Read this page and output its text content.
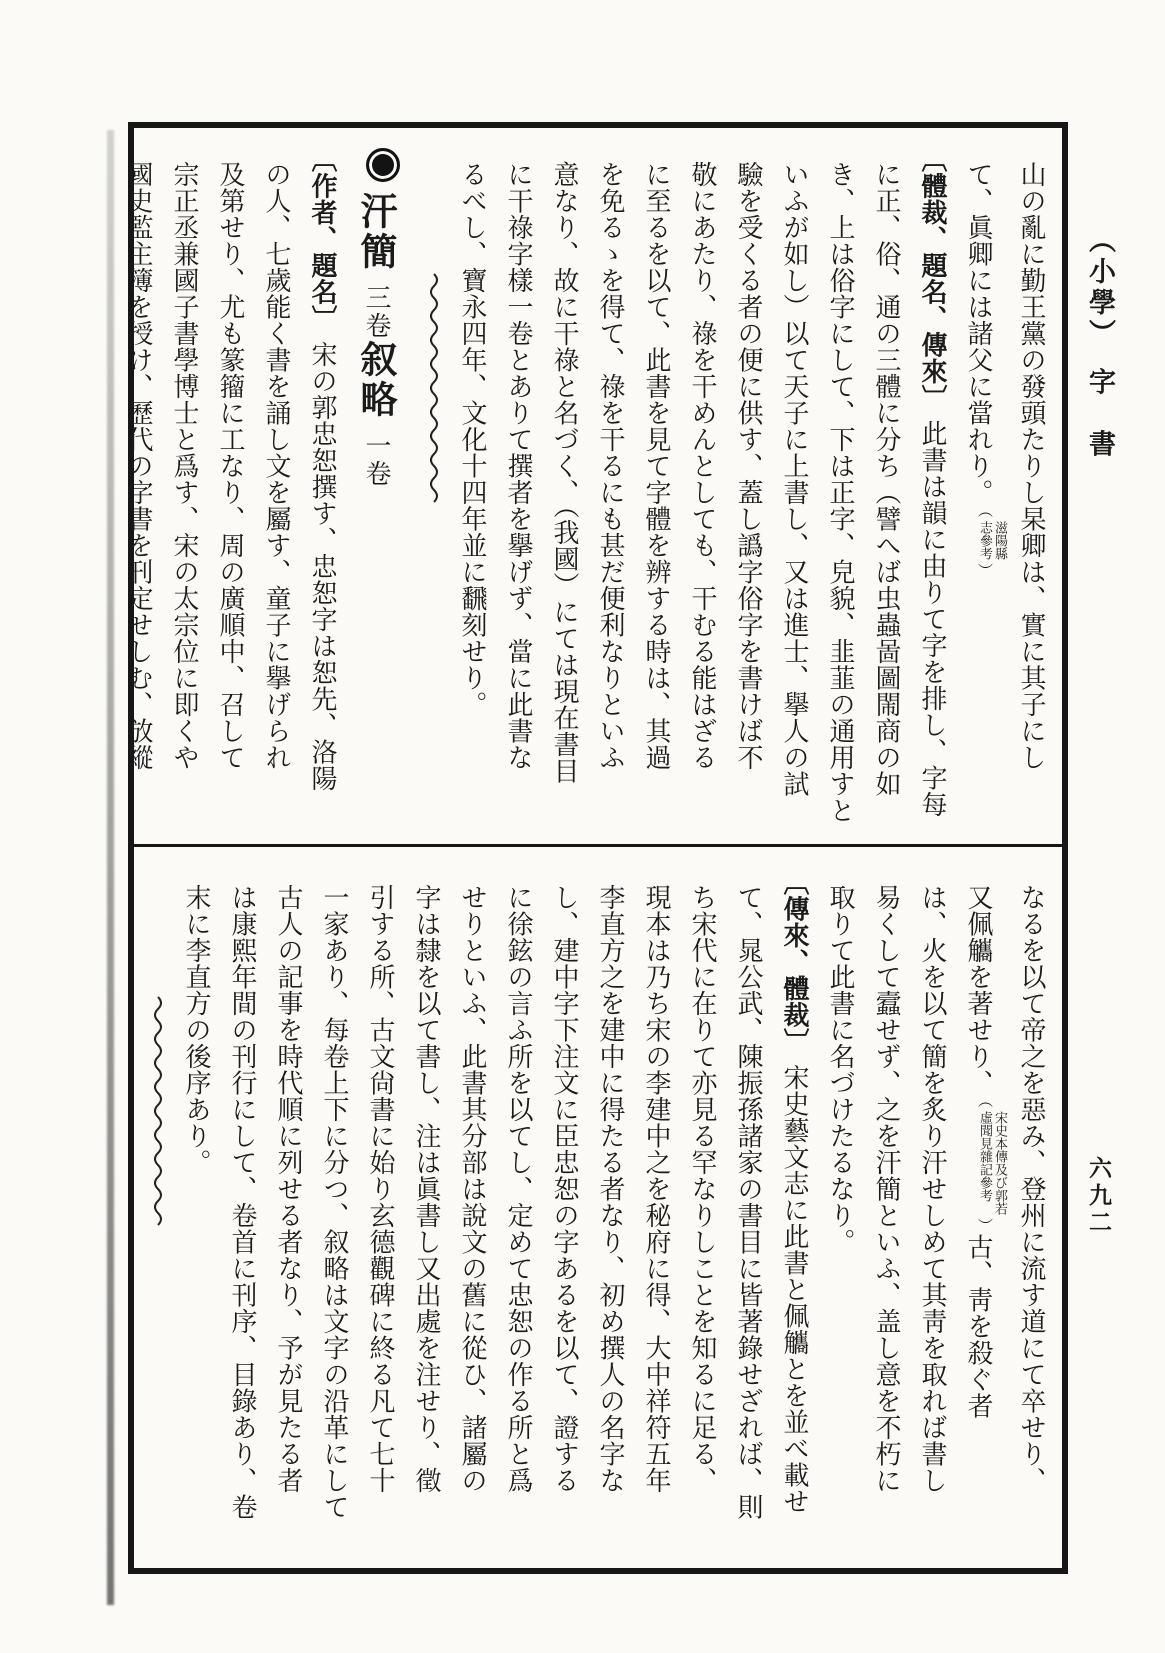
（小學）　字　書
六九二
山の亂に勤王黨の發頭たりし杲卿は、實に其子にし
て、眞卿には諸父に當れり。（
滋陽縣
志參考
）
〔體裁、題名、傳來〕此書は韻に由りて字を排し、字每
に正、俗、通の三體に分ち（譬へば虫蟲啚圖閙商の如
き、上は俗字にして、下は正字、皃貌、韭韮の通用すと
いふが如し）以て天子に上書し、又は進士、擧人の試
驗を受くる者の便に供す、蓋し譌字俗字を書けば不
敬にあたり、祿を干めんとしても、干むる能はざる
に至るを以て、此書を見て字體を辨する時は、其過
を免るゝを得て、祿を干るにも甚だ便利なりといふ
意なり、故に干祿と名づく、（我國）にては現在書目
に干祿字樣一卷とありて撰者を擧げず、當に此書な
るべし、寶永四年、文化十四年並に飜刻せり。
汗簡三卷叙略一卷
〔作者、題名〕宋の郭忠恕撰す、忠恕字は恕先、洛陽
の人、七歲能く書を誦し文を屬す、童子に擧げられ
及第せり、尤も篆籀に工なり、周の廣順中、召して
宗正丞兼國子書學博士と爲す、宋の太宗位に即くや
國史監主簿を授け、歷代の字書を刊定せしむ、放縱
なるを以て帝之を惡み、登州に流す道にて卒せり、
又佩觿を著せり、（
宋史本傳及び郭若
虛聞見雜記參考
）古、靑を殺ぐ者
は、火を以て簡を炙り汗せしめて其靑を取れば書し
易くして蠧せず、之を汗簡といふ、盖し意を不朽に
取りて此書に名づけたるなり。
〔傳來、體裁〕宋史藝文志に此書と佩觿とを並べ載せ
て、晁公武、陳振孫諸家の書目に皆著錄せざれば、則
ち宋代に在りて亦見る罕なりしことを知るに足る、
現本は乃ち宋の李建中之を秘府に得、大中祥符五年
李直方之を建中に得たる者なり、初め撰人の名字な
し、建中字下注文に臣忠恕の字あるを以て、證する
に徐鉉の言ふ所を以てし、定めて忠恕の作る所と爲
せりといふ、此書其分部は說文の舊に從ひ、諸屬の
字は隸を以て書し、注は眞書し又出處を注せり、徵
引する所、古文尙書に始り玄德觀碑に終る凡て七十
一家あり、每卷上下に分つ、叙略は文字の沿革にして
古人の記事を時代順に列せる者なり、予が見たる者
は康熙年間の刊行にして、卷首に刊序、目錄あり、卷
末に李直方の後序あり。
